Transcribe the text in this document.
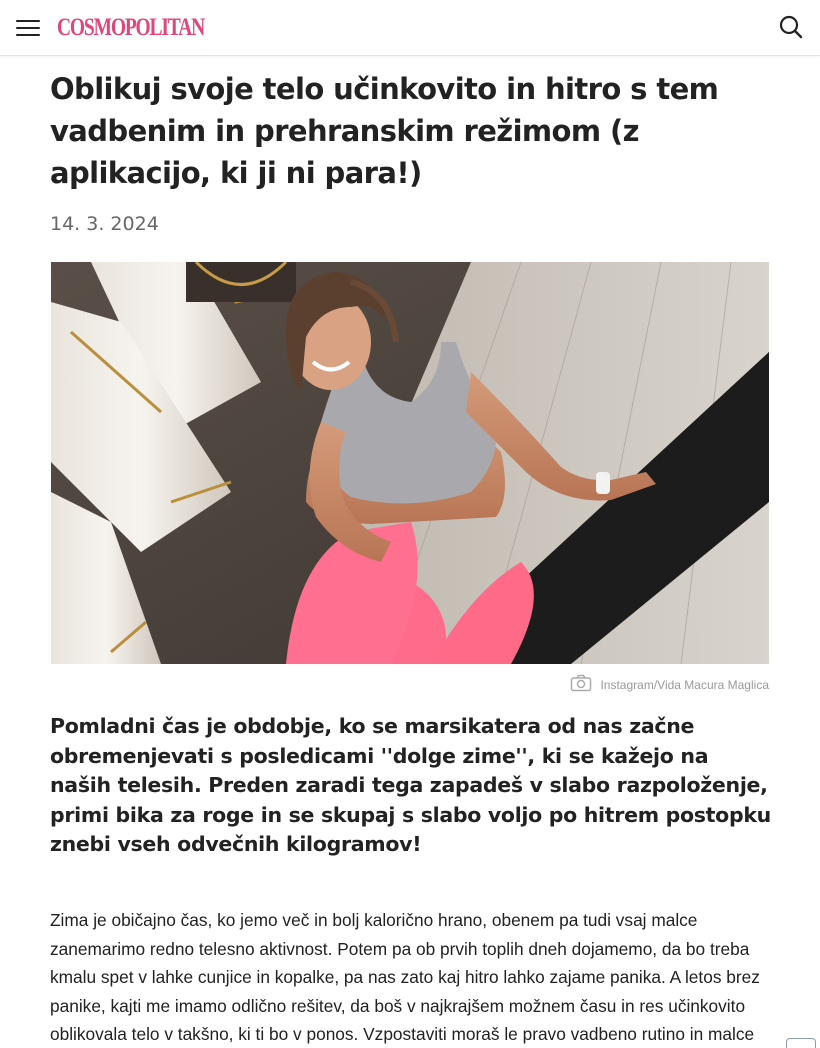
COSMOPOLITAN
Oblikuj svoje telo učinkovito in hitro s tem vadbenim in prehranskim režimom (z aplikacijo, ki ji ni para!)
14. 3. 2024
Instagram/Vida Macura Maglica

Pomladni čas je obdobje, ko se marsikatera od nas začne obremenjevati s posledicami ''dolge zime'', ki se kažejo na naših telesih. Preden zaradi tega zapadeš v slabo razpoloženje, primi bika za roge in se skupaj s slabo voljo po hitrem postopku znebi vseh odvečnih kilogramov!

Zima je običajno čas, ko jemo več in bolj kalorično hrano, obenem pa tudi vsaj malce zanemarimo redno telesno aktivnost. Potem pa ob prvih toplih dneh dojamemo, da bo treba kmalu spet v lahke cunjice in kopalke, pa nas zato kaj hitro lahko zajame panika. A letos brez panike, kajti me imamo odlično rešitev, da boš v najkrajšem možnem času in res učinkovito oblikovala telo v takšno, ki ti bo v ponos. Vzpostaviti moraš le pravo vadbeno rutino in malce
